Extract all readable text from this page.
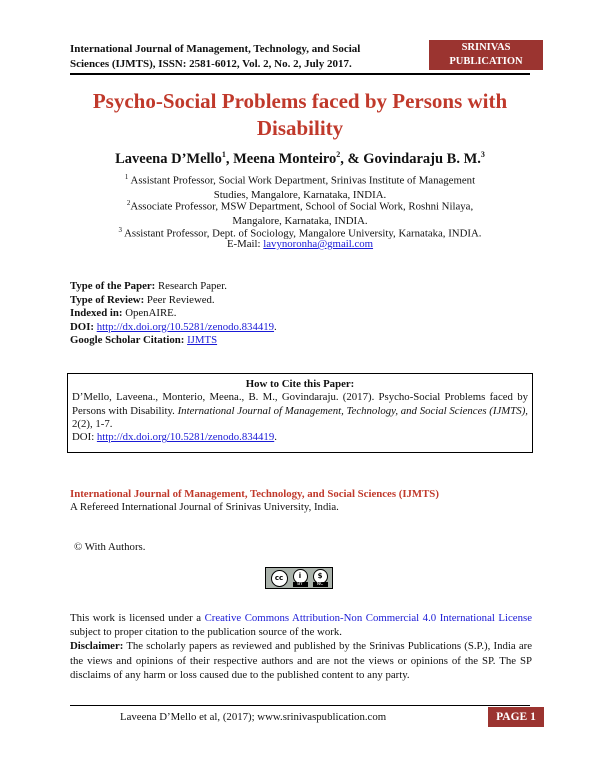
International Journal of Management, Technology, and Social
Sciences (IJMTS), ISSN: 2581-6012, Vol. 2, No. 2, July 2017.
SRINIVAS
PUBLICATION
Psycho-Social Problems faced by Persons with
Disability
Laveena D’Mello$^1$, Meena Monteiro$^2$, & Govindaraju B. M.$^3$
$^1$ Assistant Professor, Social Work Department, Srinivas Institute of Management Studies, Mangalore, Karnataka, INDIA.
$^2$Associate Professor, MSW Department, School of Social Work, Roshni Nilaya, Mangalore, Karnataka, INDIA.
$^3$ Assistant Professor, Dept. of Sociology, Mangalore University, Karnataka, INDIA.
E-Mail: lavynoronha@gmail.com
Type of the Paper: Research Paper.
Type of Review: Peer Reviewed.
Indexed in: OpenAIRE.
DOI: http://dx.doi.org/10.5281/zenodo.834419.
Google Scholar Citation: IJMTS
How to Cite this Paper:
D’Mello, Laveena., Monterio, Meena., B. M., Govindaraju. (2017). Psycho-Social Problems faced by Persons with Disability. International Journal of Management, Technology, and Social Sciences (IJMTS), 2(2), 1-7.
DOI: http://dx.doi.org/10.5281/zenodo.834419.
International Journal of Management, Technology, and Social Sciences (IJMTS)
A Refereed International Journal of Srinivas University, India.
© With Authors.
cc	i
BY
$
NC
This work is licensed under a Creative Commons Attribution-Non Commercial 4.0 International License subject to proper citation to the publication source of the work.
Disclaimer: The scholarly papers as reviewed and published by the Srinivas Publications (S.P.), India are the views and opinions of their respective authors and are not the views or opinions of the SP. The SP disclaims of any harm or loss caused due to the published content to any party.
Laveena D’Mello et al, (2017); www.srinivaspublication.com	PAGE 1
